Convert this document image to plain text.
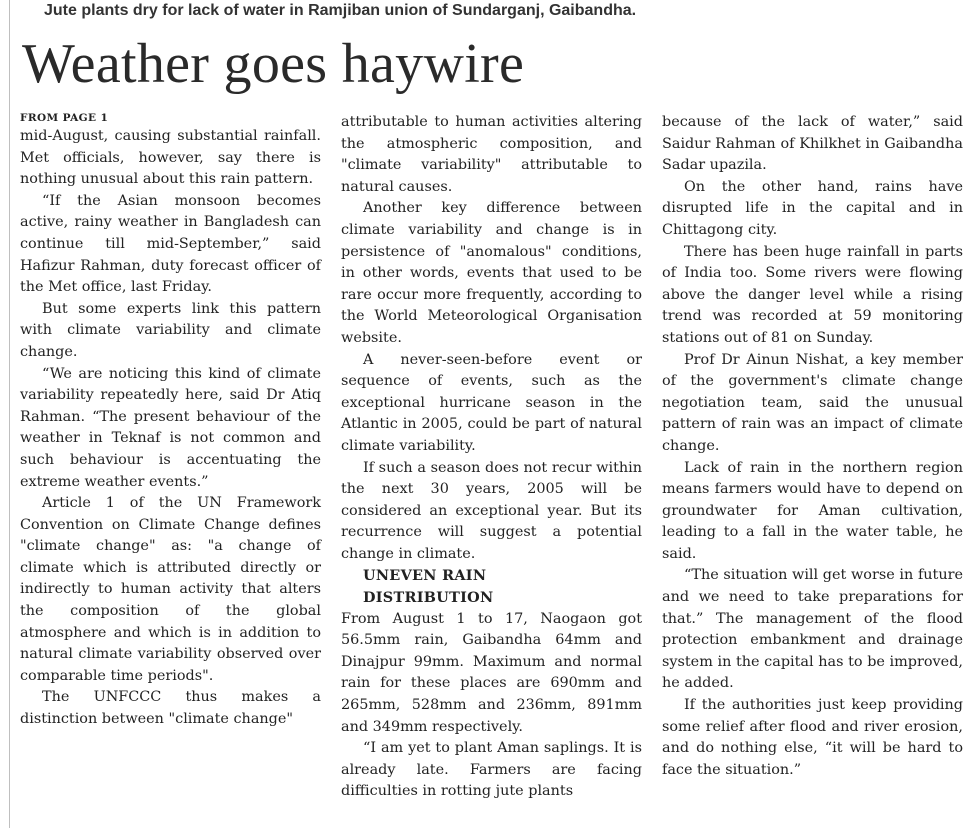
Jute plants dry for lack of water in Ramjiban union of Sundarganj, Gaibandha.
Weather goes haywire

FROM PAGE 1

mid-August, causing substantial rainfall. Met officials, however, say there is nothing unusual about this rain pattern.

“If the Asian monsoon becomes active, rainy weather in Bangladesh can continue till mid-September,” said Hafizur Rahman, duty forecast officer of the Met office, last Friday.

But some experts link this pattern with climate variability and climate change.

“We are noticing this kind of climate variability repeatedly here, said Dr Atiq Rahman. “The present behaviour of the weather in Teknaf is not common and such behaviour is accentuating the extreme weather events.”

Article 1 of the UN Framework Convention on Climate Change defines "climate change" as: "a change of climate which is attributed directly or indirectly to human activity that alters the composition of the global atmosphere and which is in addition to natural climate variability observed over comparable time periods".

The UNFCCC thus makes a distinction between "climate change"

attributable to human activities altering the atmospheric composition, and "climate variability" attributable to natural causes.

Another key difference between climate variability and change is in persistence of "anomalous" conditions, in other words, events that used to be rare occur more frequently, according to the World Meteorological Organisation website.

A never-seen-before event or sequence of events, such as the exceptional hurricane season in the Atlantic in 2005, could be part of natural climate variability.

If such a season does not recur within the next 30 years, 2005 will be considered an exceptional year. But its recurrence will suggest a potential change in climate.

UNEVEN RAIN

DISTRIBUTION

From August 1 to 17, Naogaon got 56.5mm rain, Gaibandha 64mm and Dinajpur 99mm. Maximum and normal rain for these places are 690mm and 265mm, 528mm and 236mm, 891mm and 349mm respectively.

“I am yet to plant Aman saplings. It is already late. Farmers are facing difficulties in rotting jute plants

because of the lack of water,” said Saidur Rahman of Khilkhet in Gaibandha Sadar upazila.

On the other hand, rains have disrupted life in the capital and in Chittagong city.

There has been huge rainfall in parts of India too. Some rivers were flowing above the danger level while a rising trend was recorded at 59 monitoring stations out of 81 on Sunday.

Prof Dr Ainun Nishat, a key member of the government's climate change negotiation team, said the unusual pattern of rain was an impact of climate change.

Lack of rain in the northern region means farmers would have to depend on groundwater for Aman cultivation, leading to a fall in the water table, he said.

“The situation will get worse in future and we need to take preparations for that.” The management of the flood protection embankment and drainage system in the capital has to be improved, he added.

If the authorities just keep providing some relief after flood and river erosion, and do nothing else, “it will be hard to face the situation.”
